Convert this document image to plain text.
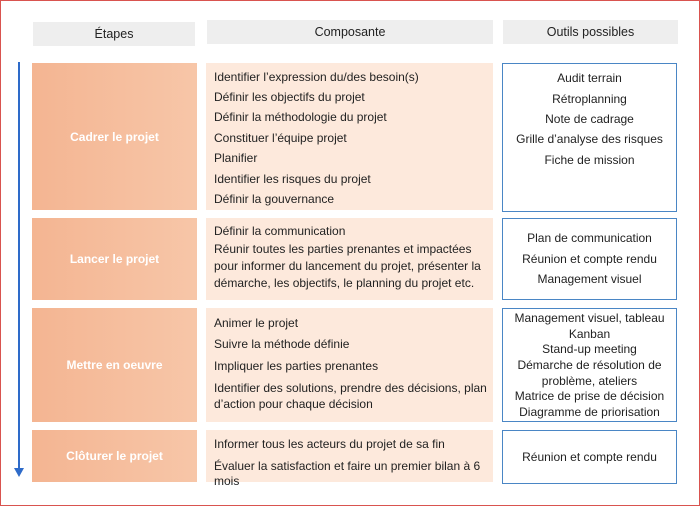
Étapes	Composante	Outils possibles
Cadrer le projet
Identifier l’expression du/des besoin(s)
Définir les objectifs du projet
Définir la méthodologie du projet
Constituer l’équipe projet
Planifier
Identifier les risques du projet
Définir la gouvernance
Audit terrain
Rétroplanning
Note de cadrage
Grille d’analyse des risques
Fiche de mission
Lancer le projet
Définir la communication
Réunir toutes les parties prenantes et impactées pour informer du lancement du projet, présenter la démarche, les objectifs, le planning du projet etc.
Plan de communication
Réunion et compte rendu
Management visuel
Mettre en oeuvre
Animer le projet
Suivre la méthode définie
Impliquer les parties prenantes
Identifier des solutions, prendre des décisions, plan d’action pour chaque décision
Management visuel, tableau Kanban
Stand-up meeting
Démarche de résolution de problème, ateliers
Matrice de prise de décision
Diagramme de priorisation
Clôturer le projet
Informer tous les acteurs du projet de sa fin
Évaluer la satisfaction et faire un premier bilan à 6 mois
Réunion et compte rendu
